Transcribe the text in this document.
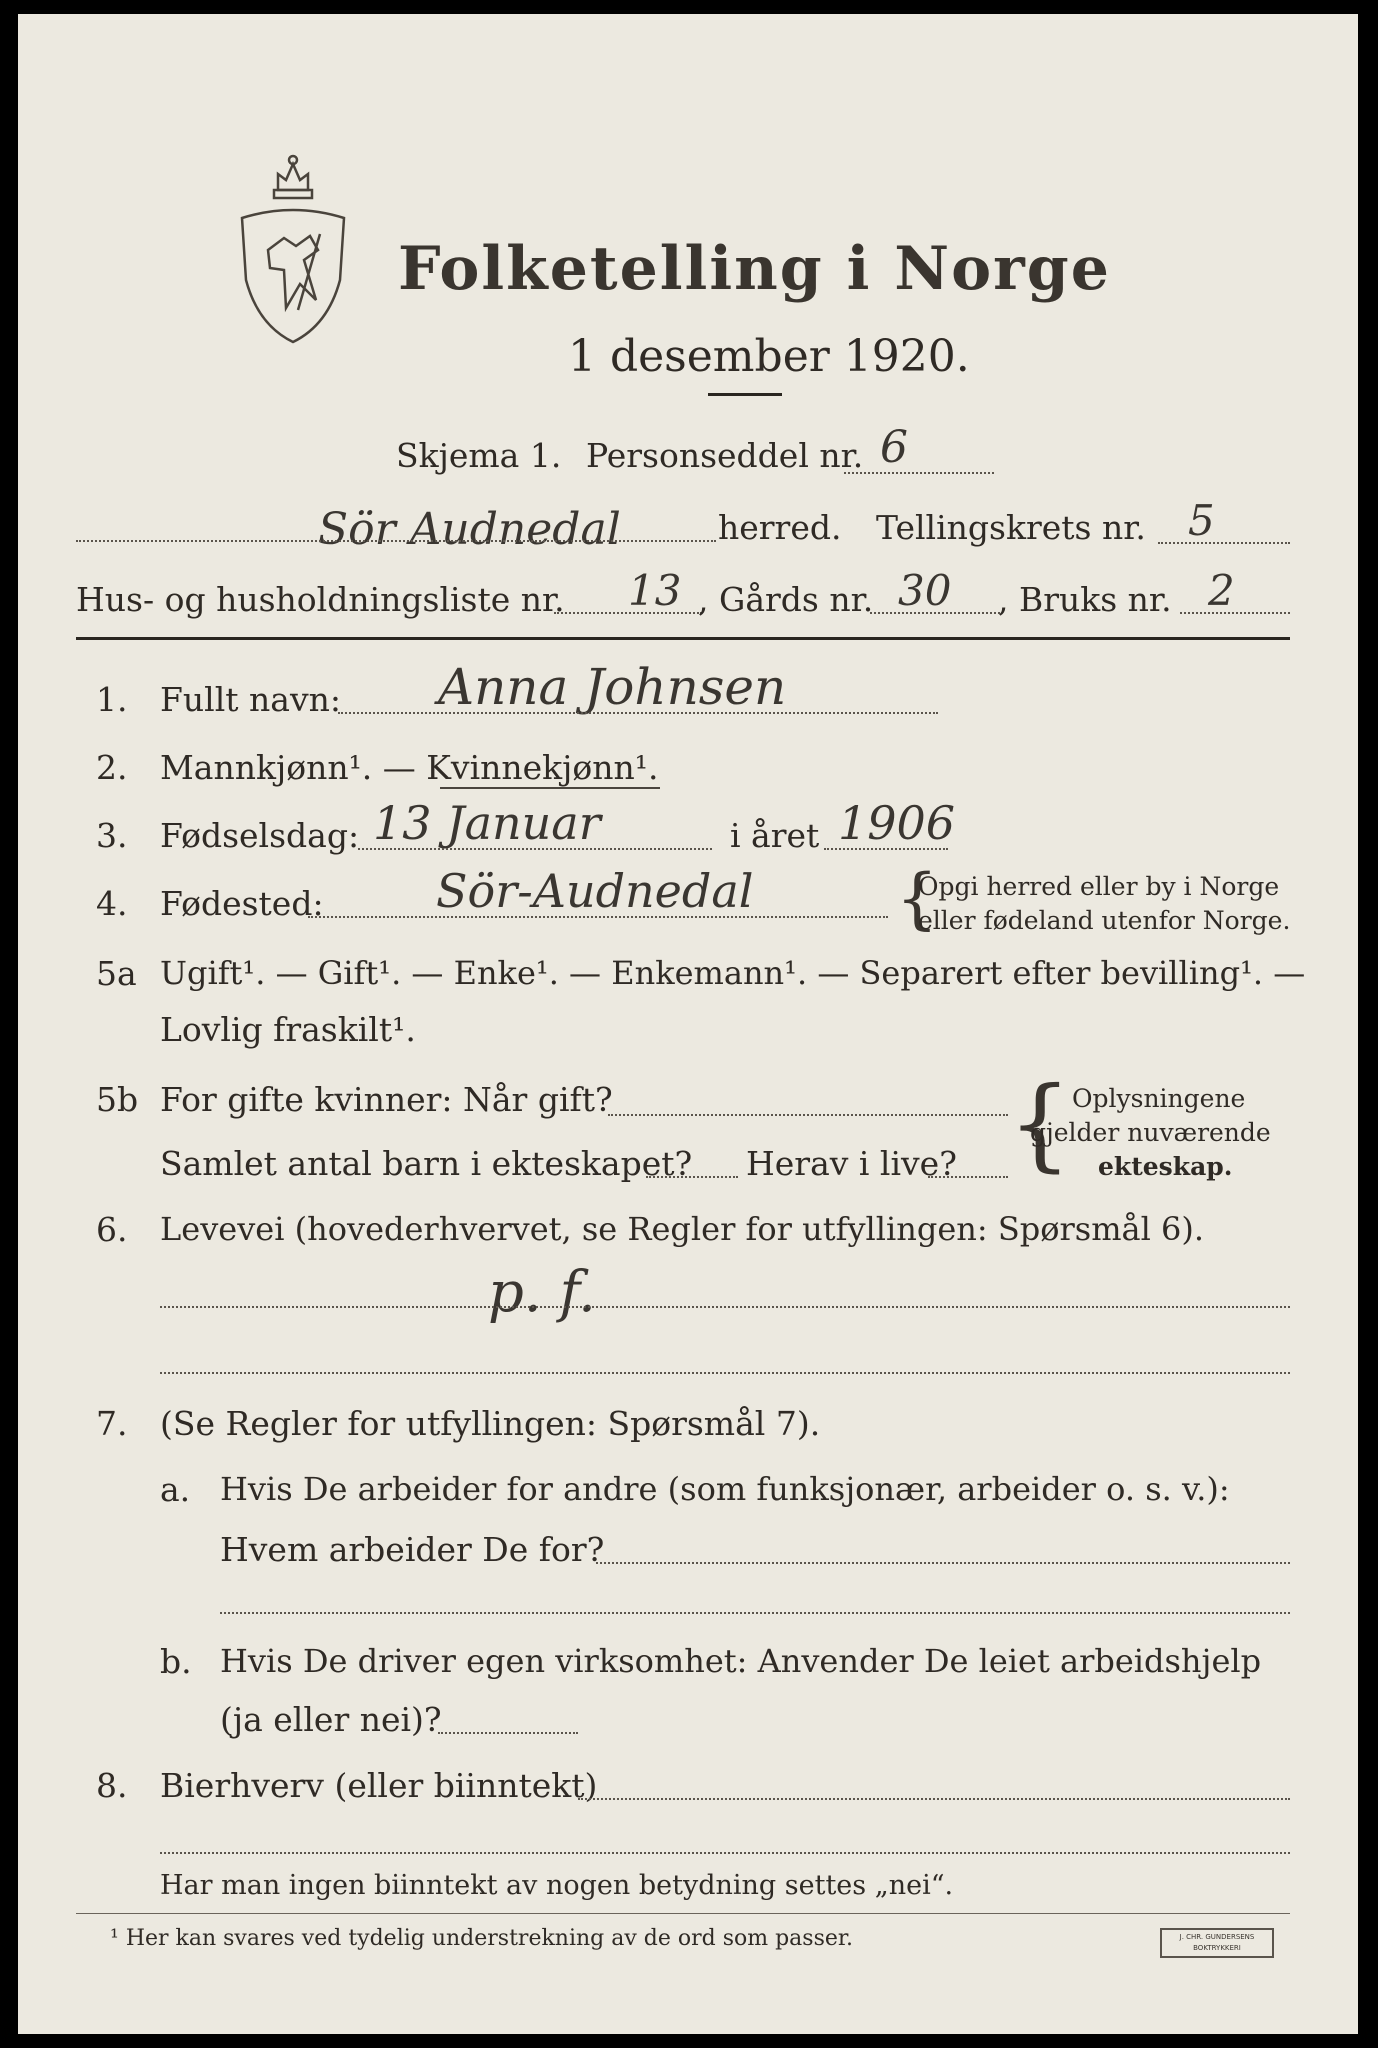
Folketelling i Norge
1 desember 1920.
Skjema 1. Personseddel nr. 6
Sör Audnedal	herred. Tellingskrets nr. 5
Hus- og husholdningsliste nr. 13 , Gårds nr. 30 , Bruks nr. 2
1. Fullt navn: Anna Johnsen
2. Mannkjønn¹. — Kvinnekjønn¹.
3. Fødselsdag: 13 Januar	i året 1906
4. Fødested: Sör-Audnedal {
Opgi herred eller by i Norge
eller fødeland utenfor Norge.
5a Ugift¹. — Gift¹. — Enke¹. — Enkemann¹. — Separert efter bevilling¹. —
Lovlig fraskilt¹.
5b For gifte kvinner: Når gift?
Samlet antal barn i ekteskapet? Herav i live? { Oplysningene
gjelder nuværende
ekteskap.
6. Levevei (hovederhvervet, se Regler for utfyllingen: Spørsmål 6).
p. f.
7. (Se Regler for utfyllingen: Spørsmål 7).
a. Hvis De arbeider for andre (som funksjonær, arbeider o. s. v.):
Hvem arbeider De for?
b. Hvis De driver egen virksomhet: Anvender De leiet arbeidshjelp
(ja eller nei)?
8. Bierhverv (eller biinntekt)
Har man ingen biinntekt av nogen betydning settes „nei“.
¹ Her kan svares ved tydelig understrekning av de ord som passer.	J. CHR. GUNDERSENS BOKTRYKKERI
